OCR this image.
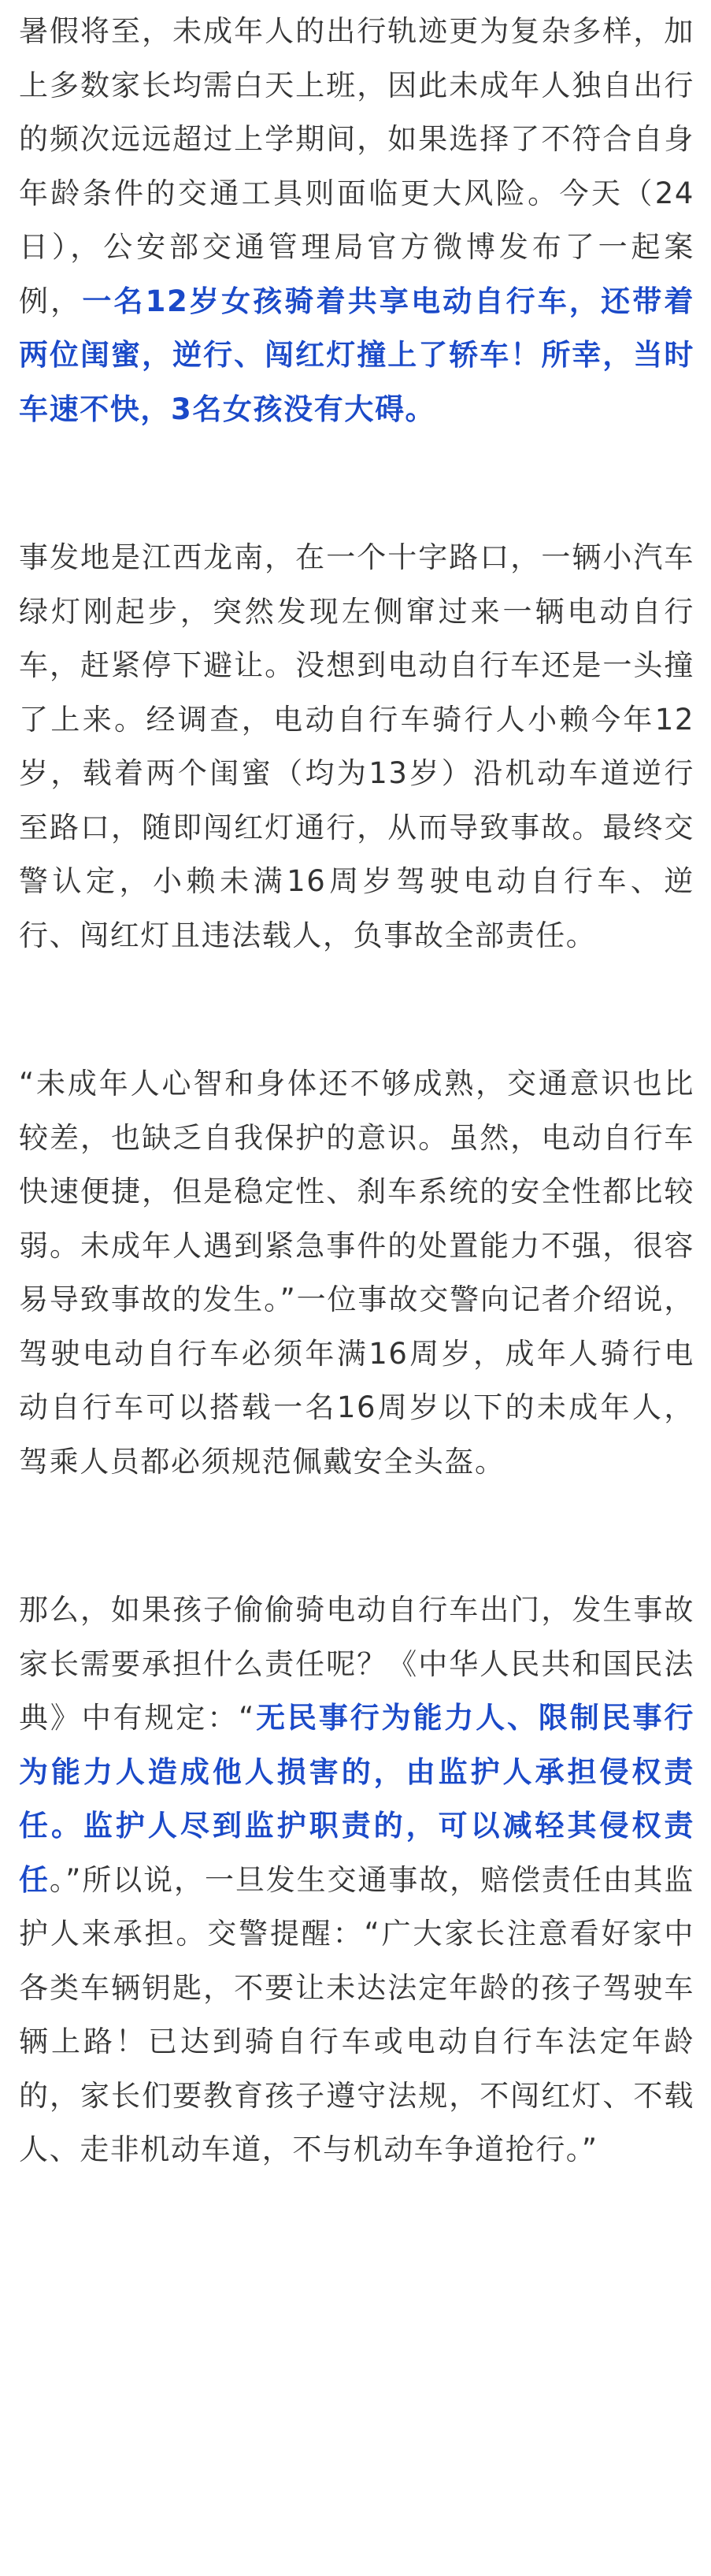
暑假将至，未成年人的出行轨迹更为复杂多样，加上多数家长均需白天上班，因此未成年人独自出行的频次远远超过上学期间，如果选择了不符合自身年龄条件的交通工具则面临更大风险。今天（24日），公安部交通管理局官方微博发布了一起案例，一名12岁女孩骑着共享电动自行车，还带着两位闺蜜，逆行、闯红灯撞上了轿车！所幸，当时车速不快，3名女孩没有大碍。

事发地是江西龙南，在一个十字路口，一辆小汽车绿灯刚起步，突然发现左侧窜过来一辆电动自行车，赶紧停下避让。没想到电动自行车还是一头撞了上来。经调查，电动自行车骑行人小赖今年12岁，载着两个闺蜜（均为13岁）沿机动车道逆行至路口，随即闯红灯通行，从而导致事故。最终交警认定，小赖未满16周岁驾驶电动自行车、逆行、闯红灯且违法载人，负事故全部责任。

“未成年人心智和身体还不够成熟，交通意识也比较差，也缺乏自我保护的意识。虽然，电动自行车快速便捷，但是稳定性、刹车系统的安全性都比较弱。未成年人遇到紧急事件的处置能力不强，很容易导致事故的发生。”一位事故交警向记者介绍说，驾驶电动自行车必须年满16周岁，成年人骑行电动自行车可以搭载一名16周岁以下的未成年人，驾乘人员都必须规范佩戴安全头盔。

那么，如果孩子偷偷骑电动自行车出门，发生事故家长需要承担什么责任呢？《中华人民共和国民法典》中有规定：“无民事行为能力人、限制民事行为能力人造成他人损害的，由监护人承担侵权责任。监护人尽到监护职责的，可以减轻其侵权责任。”所以说，一旦发生交通事故，赔偿责任由其监护人来承担。交警提醒：“广大家长注意看好家中各类车辆钥匙，不要让未达法定年龄的孩子驾驶车辆上路！已达到骑自行车或电动自行车法定年龄的，家长们要教育孩子遵守法规，不闯红灯、不载人、走非机动车道，不与机动车争道抢行。”
